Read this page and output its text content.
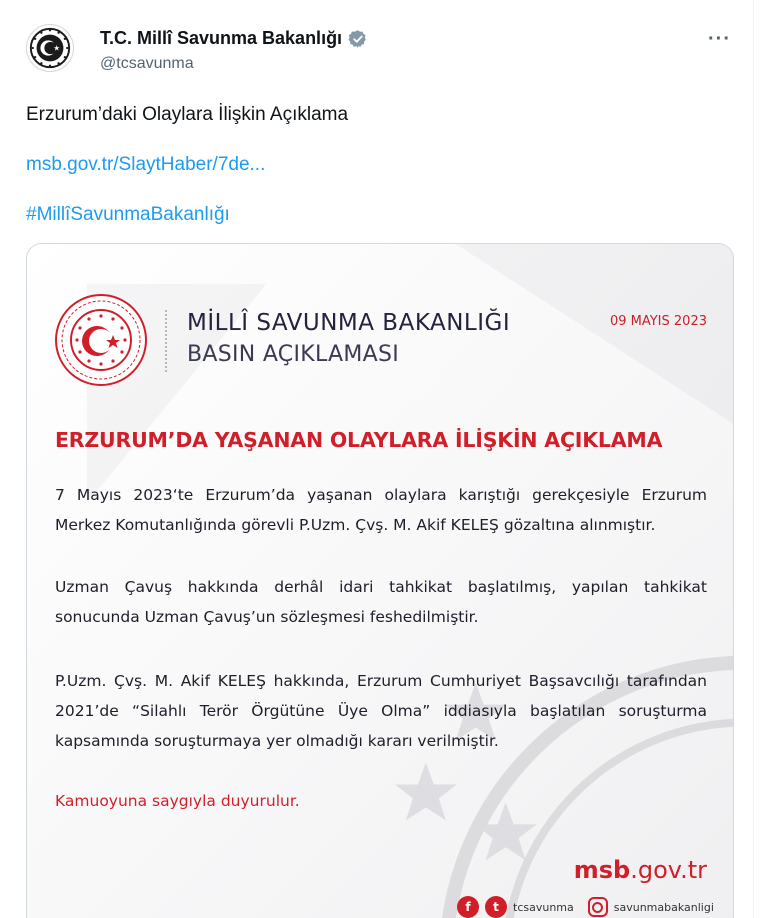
T.C. Millî Savunma Bakanlığı
@tcsavunma
···
Erzurum’daki Olaylara İlişkin Açıklama
msb.gov.tr/SlaytHaber/7de...
#MillîSavunmaBakanlığı
MİLLÎ SAVUNMA BAKANLIĞI
BASIN AÇIKLAMASI
09 MAYIS 2023
ERZURUM’DA YAŞANAN OLAYLARA İLİŞKİN AÇIKLAMA
7 Mayıs 2023‘te Erzurum’da yaşanan olaylara karıştığı gerekçesiyle Erzurum Merkez Komutanlığında görevli P.Uzm. Çvş. M. Akif KELEŞ gözaltına alınmıştır.
Uzman Çavuş hakkında derhâl idari tahkikat başlatılmış, yapılan tahkikat sonucunda Uzman Çavuş’un sözleşmesi feshedilmiştir.
P.Uzm. Çvş. M. Akif KELEŞ hakkında, Erzurum Cumhuriyet Başsavcılığı tarafından 2021’de “Silahlı Terör Örgütüne Üye Olma” iddiasıyla başlatılan soruşturma kapsamında soruşturmaya yer olmadığı kararı verilmiştir.
Kamuoyuna saygıyla duyurulur.
msb.gov.tr
f	t	tcsavunma	savunmabakanligi
